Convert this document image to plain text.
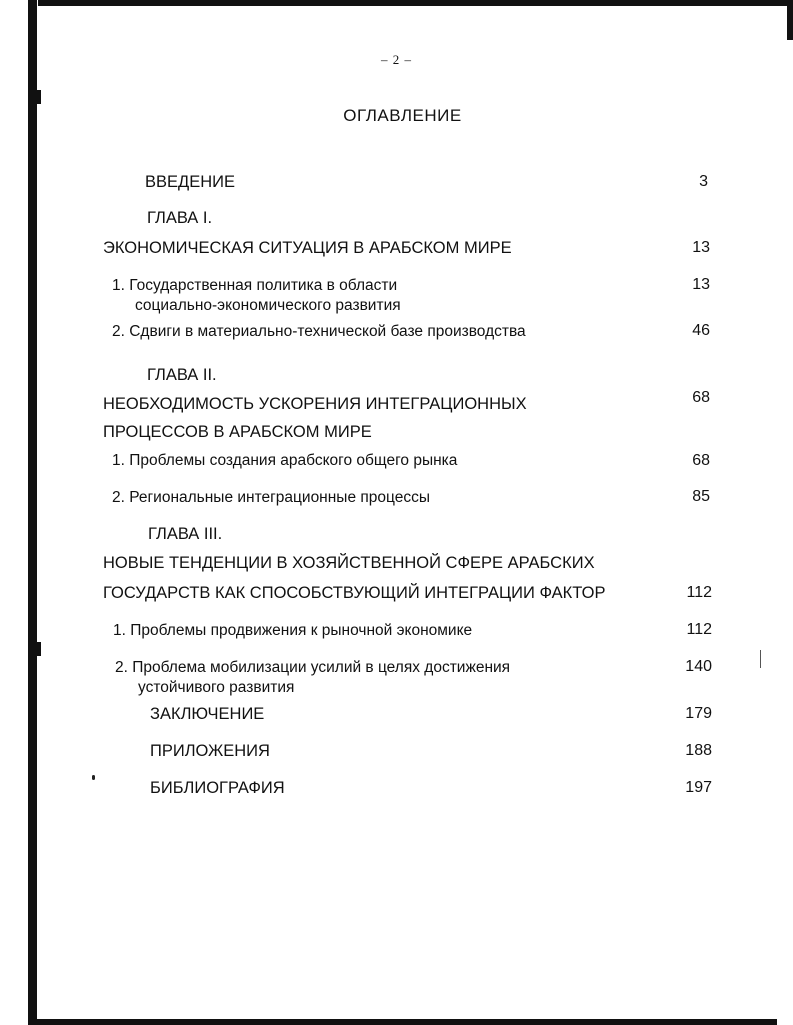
– 2 –
ОГЛАВЛЕНИЕ
ВВЕДЕНИЕ	3
ГЛАВА I.
ЭКОНОМИЧЕСКАЯ СИТУАЦИЯ В АРАБСКОМ МИРЕ	13
1. Государственная политика в области
социально-экономического развития
13
2. Сдвиги в материально-технической базе производства	46
ГЛАВА II.
НЕОБХОДИМОСТЬ УСКОРЕНИЯ ИНТЕГРАЦИОННЫХ
ПРОЦЕССОВ В АРАБСКОМ МИРЕ
68
1. Проблемы создания арабского общего рынка	68
2. Региональные интеграционные процессы	85
ГЛАВА III.
НОВЫЕ ТЕНДЕНЦИИ В ХОЗЯЙСТВЕННОЙ СФЕРЕ АРАБСКИХ
ГОСУДАРСТВ КАК СПОСОБСТВУЮЩИЙ ИНТЕГРАЦИИ ФАКТОР	112
1. Проблемы продвижения к рыночной экономике	112
2. Проблема мобилизации усилий в целях достижения
устойчивого развития
140
ЗАКЛЮЧЕНИЕ	179
ПРИЛОЖЕНИЯ	188
БИБЛИОГРАФИЯ	197
